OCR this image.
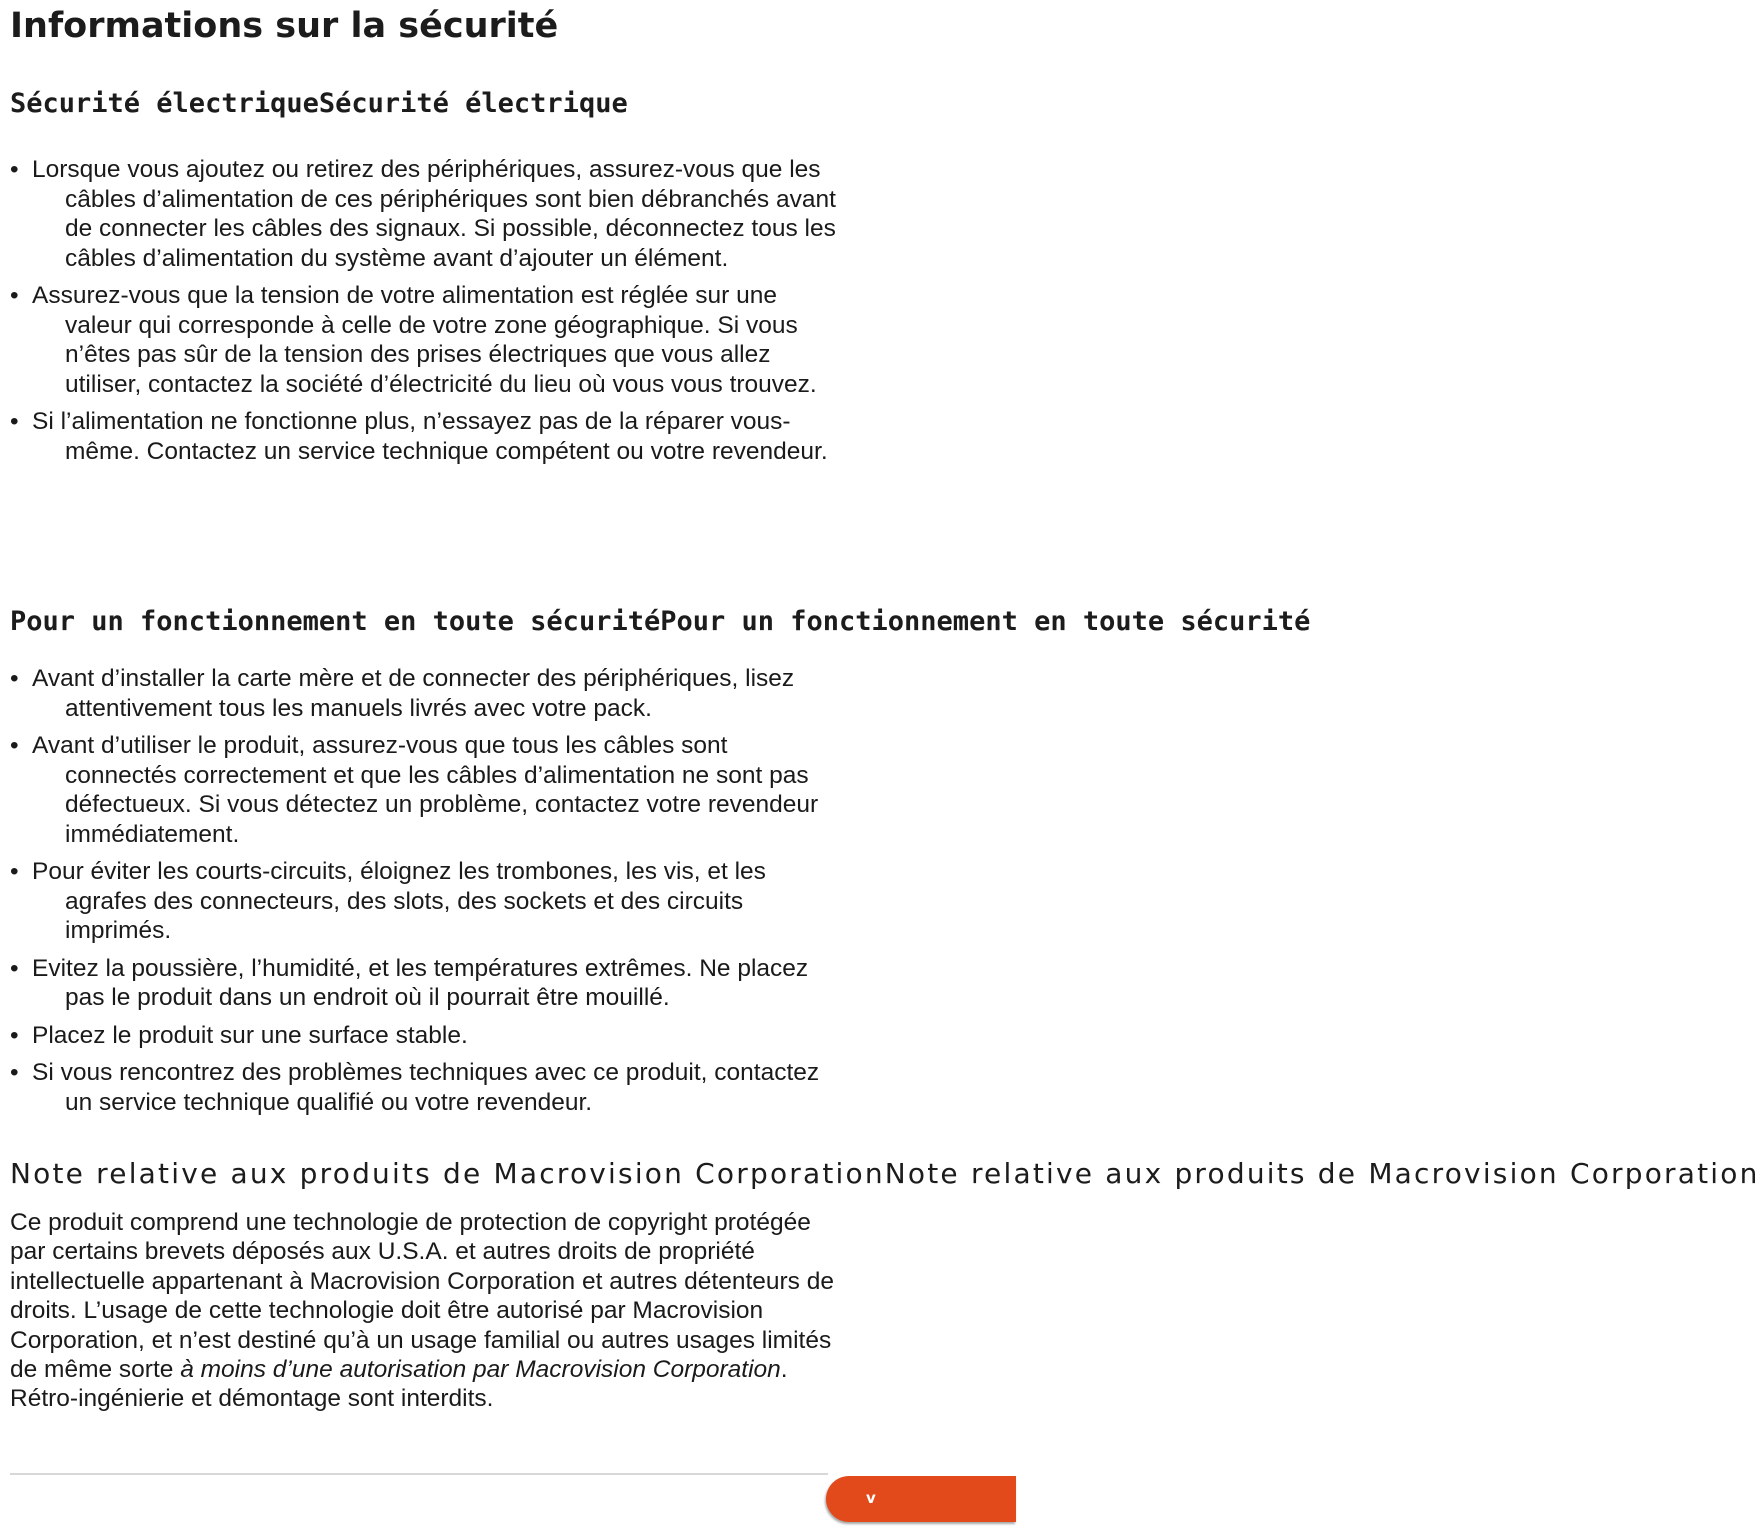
Informations sur la sécurité
Sécurité électriqueSécurité électrique
• Lorsque vous ajoutez ou retirez des périphériques, assurez-vous que les câbles d’alimentation de ces périphériques sont bien débranchés avant de connecter les câbles des signaux. Si possible, déconnectez tous les câbles d’alimentation du système avant d’ajouter un élément.
• Assurez-vous que la tension de votre alimentation est réglée sur une valeur qui corresponde à celle de votre zone géographique. Si vous n’êtes pas sûr de la tension des prises électriques que vous allez utiliser, contactez la société d’électricité du lieu où vous vous trouvez.
• Si l’alimentation ne fonctionne plus, n’essayez pas de la réparer vous-même. Contactez un service technique compétent ou votre revendeur.
Pour un fonctionnement en toute sécuritéPour un fonctionnement en toute sécurité
• Avant d’installer la carte mère et de connecter des périphériques, lisez attentivement tous les manuels livrés avec votre pack.
• Avant d’utiliser le produit, assurez-vous que tous les câbles sont connectés correctement et que les câbles d’alimentation ne sont pas défectueux. Si vous détectez un problème, contactez votre revendeur immédiatement.
• Pour éviter les courts-circuits, éloignez les trombones, les vis, et les agrafes des connecteurs, des slots, des sockets et des circuits imprimés.
• Evitez la poussière, l’humidité, et les températures extrêmes. Ne placez pas le produit dans un endroit où il pourrait être mouillé.
• Placez le produit sur une surface stable.
• Si vous rencontrez des problèmes techniques avec ce produit, contactez un service technique qualifié ou votre revendeur.
Note relative aux produits de Macrovision CorporationNote relative aux produits de Macrovision Corporation

Ce produit comprend une technologie de protection de copyright protégée par certains brevets déposés aux U.S.A. et autres droits de propriété intellectuelle appartenant à Macrovision Corporation et autres détenteurs de droits. L’usage de cette technologie doit être autorisé par Macrovision Corporation, et n’est destiné qu’à un usage familial ou autres usages limités de même sorte à moins d’une autorisation par Macrovision Corporation. Rétro-ingénierie et démontage sont interdits.

v
